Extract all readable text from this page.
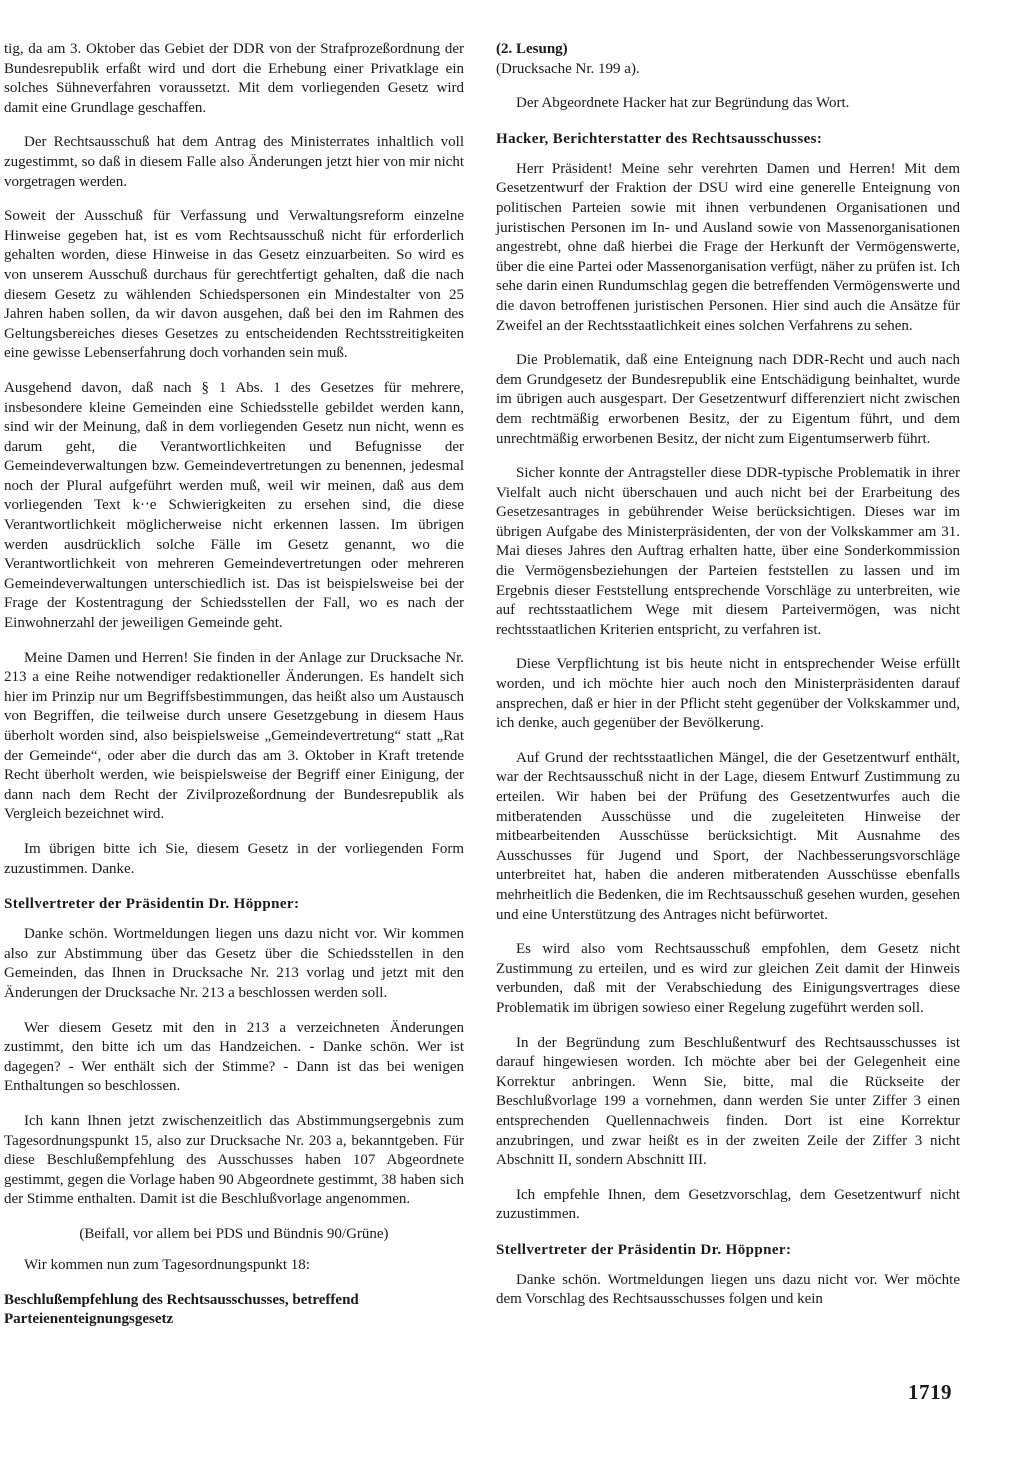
tig, da am 3. Oktober das Gebiet der DDR von der Strafprozeßordnung der Bundesrepublik erfaßt wird und dort die Erhebung einer Privatklage ein solches Sühneverfahren voraussetzt. Mit dem vorliegenden Gesetz wird damit eine Grundlage geschaffen.

Der Rechtsausschuß hat dem Antrag des Ministerrates inhaltlich voll zugestimmt, so daß in diesem Falle also Änderungen jetzt hier von mir nicht vorgetragen werden.

Soweit der Ausschuß für Verfassung und Verwaltungsreform einzelne Hinweise gegeben hat, ist es vom Rechtsausschuß nicht für erforderlich gehalten worden, diese Hinweise in das Gesetz einzuarbeiten. So wird es von unserem Ausschuß durchaus für gerechtfertigt gehalten, daß die nach diesem Gesetz zu wählenden Schiedspersonen ein Mindestalter von 25 Jahren haben sollen, da wir davon ausgehen, daß bei den im Rahmen des Geltungsbereiches dieses Gesetzes zu entscheidenden Rechtsstreitigkeiten eine gewisse Lebenserfahrung doch vorhanden sein muß.

Ausgehend davon, daß nach § 1 Abs. 1 des Gesetzes für mehrere, insbesondere kleine Gemeinden eine Schiedsstelle gebildet werden kann, sind wir der Meinung, daß in dem vorliegenden Gesetz nun nicht, wenn es darum geht, die Verantwortlichkeiten und Befugnisse der Gemeindeverwaltungen bzw. Gemeindevertretungen zu benennen, jedesmal noch der Plural aufgeführt werden muß, weil wir meinen, daß aus dem vorliegenden Text k·‧e Schwierigkeiten zu ersehen sind, die diese Verantwortlichkeit möglicherweise nicht erkennen lassen. Im übrigen werden ausdrücklich solche Fälle im Gesetz genannt, wo die Verantwortlichkeit von mehreren Gemeindevertretungen oder mehreren Gemeindeverwaltungen unterschiedlich ist. Das ist beispielsweise bei der Frage der Kostentragung der Schiedsstellen der Fall, wo es nach der Einwohnerzahl der jeweiligen Gemeinde geht.

Meine Damen und Herren! Sie finden in der Anlage zur Drucksache Nr. 213 a eine Reihe notwendiger redaktioneller Änderungen. Es handelt sich hier im Prinzip nur um Begriffsbestimmungen, das heißt also um Austausch von Begriffen, die teilweise durch unsere Gesetzgebung in diesem Haus überholt worden sind, also beispielsweise „Gemeindevertretung“ statt „Rat der Gemeinde“, oder aber die durch das am 3. Oktober in Kraft tretende Recht überholt werden, wie beispielsweise der Begriff einer Einigung, der dann nach dem Recht der Zivilprozeßordnung der Bundesrepublik als Vergleich bezeichnet wird.

Im übrigen bitte ich Sie, diesem Gesetz in der vorliegenden Form zuzustimmen. Danke.

Stellvertreter der Präsidentin Dr. Höppner:

Danke schön. Wortmeldungen liegen uns dazu nicht vor. Wir kommen also zur Abstimmung über das Gesetz über die Schiedsstellen in den Gemeinden, das Ihnen in Drucksache Nr. 213 vorlag und jetzt mit den Änderungen der Drucksache Nr. 213 a beschlossen werden soll.

Wer diesem Gesetz mit den in 213 a verzeichneten Änderungen zustimmt, den bitte ich um das Handzeichen. - Danke schön. Wer ist dagegen? - Wer enthält sich der Stimme? - Dann ist das bei wenigen Enthaltungen so beschlossen.

Ich kann Ihnen jetzt zwischenzeitlich das Abstimmungsergebnis zum Tagesordnungspunkt 15, also zur Drucksache Nr. 203 a, bekanntgeben. Für diese Beschlußempfehlung des Ausschusses haben 107 Abgeordnete gestimmt, gegen die Vorlage haben 90 Abgeordnete gestimmt, 38 haben sich der Stimme enthalten. Damit ist die Beschlußvorlage angenommen.

(Beifall, vor allem bei PDS und Bündnis 90/Grüne)

Wir kommen nun zum Tagesordnungspunkt 18:

Beschlußempfehlung des Rechtsausschusses, betreffend Parteienenteignungsgesetz

(2. Lesung)

(Drucksache Nr. 199 a).

Der Abgeordnete Hacker hat zur Begründung das Wort.

Hacker, Berichterstatter des Rechtsausschusses:

Herr Präsident! Meine sehr verehrten Damen und Herren! Mit dem Gesetzentwurf der Fraktion der DSU wird eine generelle Enteignung von politischen Parteien sowie mit ihnen verbundenen Organisationen und juristischen Personen im In- und Ausland sowie von Massenorganisationen angestrebt, ohne daß hierbei die Frage der Herkunft der Vermögenswerte, über die eine Partei oder Massenorganisation verfügt, näher zu prüfen ist. Ich sehe darin einen Rundumschlag gegen die betreffenden Vermögenswerte und die davon betroffenen juristischen Personen. Hier sind auch die Ansätze für Zweifel an der Rechtsstaatlichkeit eines solchen Verfahrens zu sehen.

Die Problematik, daß eine Enteignung nach DDR-Recht und auch nach dem Grundgesetz der Bundesrepublik eine Entschädigung beinhaltet, wurde im übrigen auch ausgespart. Der Gesetzentwurf differenziert nicht zwischen dem rechtmäßig erworbenen Besitz, der zu Eigentum führt, und dem unrechtmäßig erworbenen Besitz, der nicht zum Eigentumserwerb führt.

Sicher konnte der Antragsteller diese DDR-typische Problematik in ihrer Vielfalt auch nicht überschauen und auch nicht bei der Erarbeitung des Gesetzesantrages in gebührender Weise berücksichtigen. Dieses war im übrigen Aufgabe des Ministerpräsidenten, der von der Volkskammer am 31. Mai dieses Jahres den Auftrag erhalten hatte, über eine Sonderkommission die Vermögensbeziehungen der Parteien feststellen zu lassen und im Ergebnis dieser Feststellung entsprechende Vorschläge zu unterbreiten, wie auf rechtsstaatlichem Wege mit diesem Parteivermögen, was nicht rechtsstaatlichen Kriterien entspricht, zu verfahren ist.

Diese Verpflichtung ist bis heute nicht in entsprechender Weise erfüllt worden, und ich möchte hier auch noch den Ministerpräsidenten darauf ansprechen, daß er hier in der Pflicht steht gegenüber der Volkskammer und, ich denke, auch gegenüber der Bevölkerung.

Auf Grund der rechtsstaatlichen Mängel, die der Gesetzentwurf enthält, war der Rechtsausschuß nicht in der Lage, diesem Entwurf Zustimmung zu erteilen. Wir haben bei der Prüfung des Gesetzentwurfes auch die mitberatenden Ausschüsse und die zugeleiteten Hinweise der mitbearbeitenden Ausschüsse berücksichtigt. Mit Ausnahme des Ausschusses für Jugend und Sport, der Nachbesserungsvorschläge unterbreitet hat, haben die anderen mitberatenden Ausschüsse ebenfalls mehrheitlich die Bedenken, die im Rechtsausschuß gesehen wurden, gesehen und eine Unterstützung des Antrages nicht befürwortet.

Es wird also vom Rechtsausschuß empfohlen, dem Gesetz nicht Zustimmung zu erteilen, und es wird zur gleichen Zeit damit der Hinweis verbunden, daß mit der Verabschiedung des Einigungsvertrages diese Problematik im übrigen sowieso einer Regelung zugeführt werden soll.

In der Begründung zum Beschlußentwurf des Rechtsausschusses ist darauf hingewiesen worden. Ich möchte aber bei der Gelegenheit eine Korrektur anbringen. Wenn Sie, bitte, mal die Rückseite der Beschlußvorlage 199 a vornehmen, dann werden Sie unter Ziffer 3 einen entsprechenden Quellennachweis finden. Dort ist eine Korrektur anzubringen, und zwar heißt es in der zweiten Zeile der Ziffer 3 nicht Abschnitt II, sondern Abschnitt III.

Ich empfehle Ihnen, dem Gesetzvorschlag, dem Gesetzentwurf nicht zuzustimmen.

Stellvertreter der Präsidentin Dr. Höppner:

Danke schön. Wortmeldungen liegen uns dazu nicht vor. Wer möchte dem Vorschlag des Rechtsausschusses folgen und kein

1719
